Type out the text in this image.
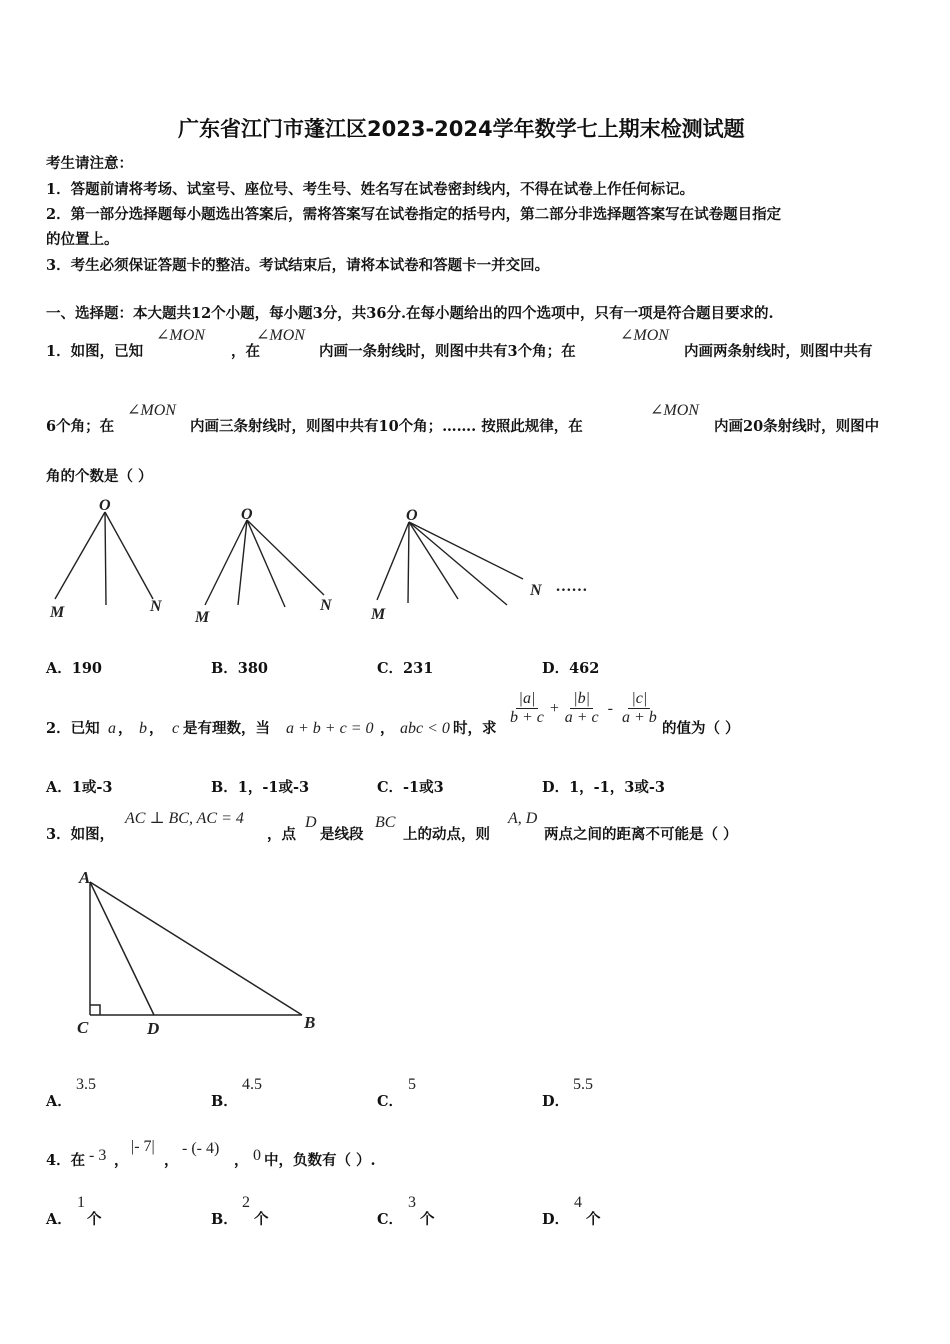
广东省江门市蓬江区2023-2024学年数学七上期末检测试题
考生请注意：
1．答题前请将考场、试室号、座位号、考生号、姓名写在试卷密封线内，不得在试卷上作任何标记。
2．第一部分选择题每小题选出答案后，需将答案写在试卷指定的括号内，第二部分非选择题答案写在试卷题目指定
的位置上。
3．考生必须保证答题卡的整洁。考试结束后，请将本试卷和答题卡一并交回。
一、选择题：本大题共12个小题，每小题3分，共36分.在每小题给出的四个选项中，只有一项是符合题目要求的.
1．如图，已知
∠MON
，在
∠MON
内画一条射线时，则图中共有3个角；在
∠MON
内画两条射线时，则图中共有
6个角；在
∠MON
内画三条射线时，则图中共有10个角；……. 按照此规律，在
∠MON
内画20条射线时，则图中
角的个数是（ ）
O
M	N
O
M
N
O
M
N ……
A．190	B．380	C．231	D．462
2．已知 a ， b ， c 是有理数，当 a + b + c = 0 ， abc < 0 时，求
$\frac{|a|}{b + c} + \frac{|b|}{a + c} - \frac{|c|}{a + b}$
的值为（ ）
A．1或-3	B．1，-1或-3	C．-1或3	D．1，-1，3或-3
3．如图，
AC ⊥ BC, AC = 4
，点
D
是线段
BC
上的动点，则
A, D
两点之间的距离不可能是（ ）
A
C	D	B
A．
3.5
B．
4.5
C．
5
D．
5.5
4．在 - 3 ，
|- 7|
，
- (- 4)
， 0 中，负数有（ ）.
A．
1
个	B．
2
个	C．
3
个	D．
4
个
